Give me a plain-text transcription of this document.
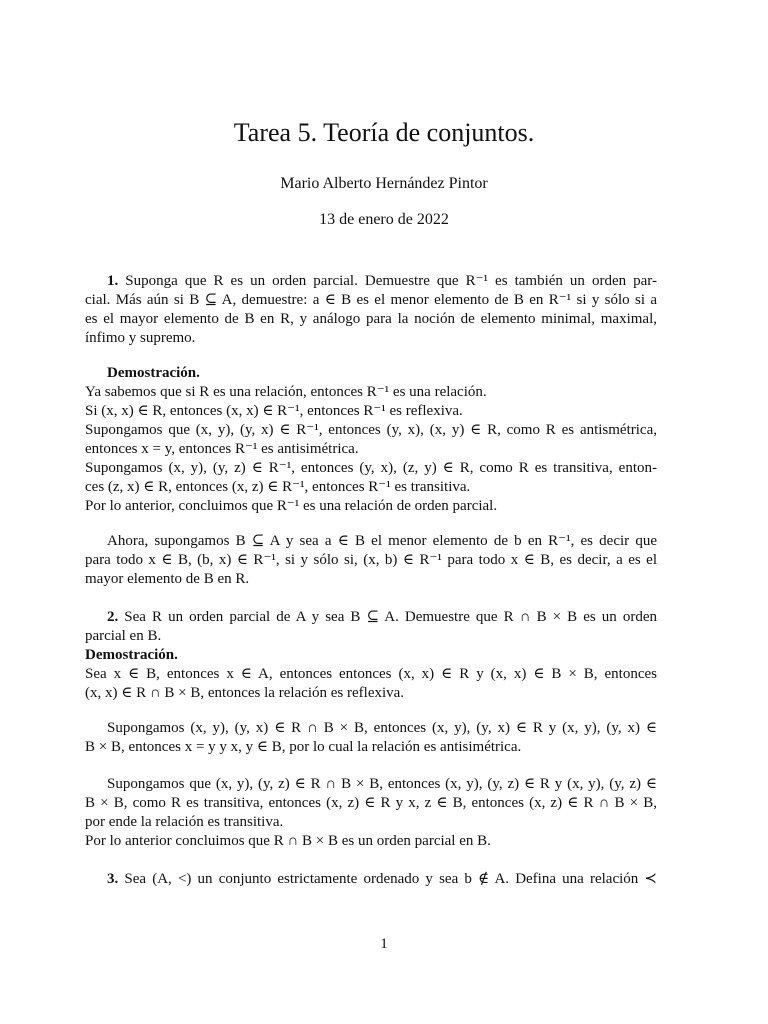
Tarea 5. Teoría de conjuntos.
Mario Alberto Hernández Pintor
13 de enero de 2022
1. Suponga que R es un orden parcial. Demuestre que R⁻¹ es también un orden par-
cial. Más aún si B ⊆ A, demuestre: a ∈ B es el menor elemento de B en R⁻¹ si y sólo si a
es el mayor elemento de B en R, y análogo para la noción de elemento minimal, maximal,
ínfimo y supremo.
Demostración.
Ya sabemos que si R es una relación, entonces R⁻¹ es una relación.
Si (x, x) ∈ R, entonces (x, x) ∈ R⁻¹, entonces R⁻¹ es reflexiva.
Supongamos que (x, y), (y, x) ∈ R⁻¹, entonces (y, x), (x, y) ∈ R, como R es antismétrica,
entonces x = y, entonces R⁻¹ es antisimétrica.
Supongamos (x, y), (y, z) ∈ R⁻¹, entonces (y, x), (z, y) ∈ R, como R es transitiva, enton-
ces (z, x) ∈ R, entonces (x, z) ∈ R⁻¹, entonces R⁻¹ es transitiva.
Por lo anterior, concluimos que R⁻¹ es una relación de orden parcial.
Ahora, supongamos B ⊆ A y sea a ∈ B el menor elemento de b en R⁻¹, es decir que
para todo x ∈ B, (b, x) ∈ R⁻¹, si y sólo si, (x, b) ∈ R⁻¹ para todo x ∈ B, es decir, a es el
mayor elemento de B en R.
2. Sea R un orden parcial de A y sea B ⊆ A. Demuestre que R ∩ B × B es un orden
parcial en B.
Demostración.
Sea x ∈ B, entonces x ∈ A, entonces entonces (x, x) ∈ R y (x, x) ∈ B × B, entonces
(x, x) ∈ R ∩ B × B, entonces la relación es reflexiva.
Supongamos (x, y), (y, x) ∈ R ∩ B × B, entonces (x, y), (y, x) ∈ R y (x, y), (y, x) ∈
B × B, entonces x = y y x, y ∈ B, por lo cual la relación es antisimétrica.
Supongamos que (x, y), (y, z) ∈ R ∩ B × B, entonces (x, y), (y, z) ∈ R y (x, y), (y, z) ∈
B × B, como R es transitiva, entonces (x, z) ∈ R y x, z ∈ B, entonces (x, z) ∈ R ∩ B × B,
por ende la relación es transitiva.
Por lo anterior concluimos que R ∩ B × B es un orden parcial en B.
3. Sea (A, <) un conjunto estrictamente ordenado y sea b ∉ A. Defina una relación ≺
1
